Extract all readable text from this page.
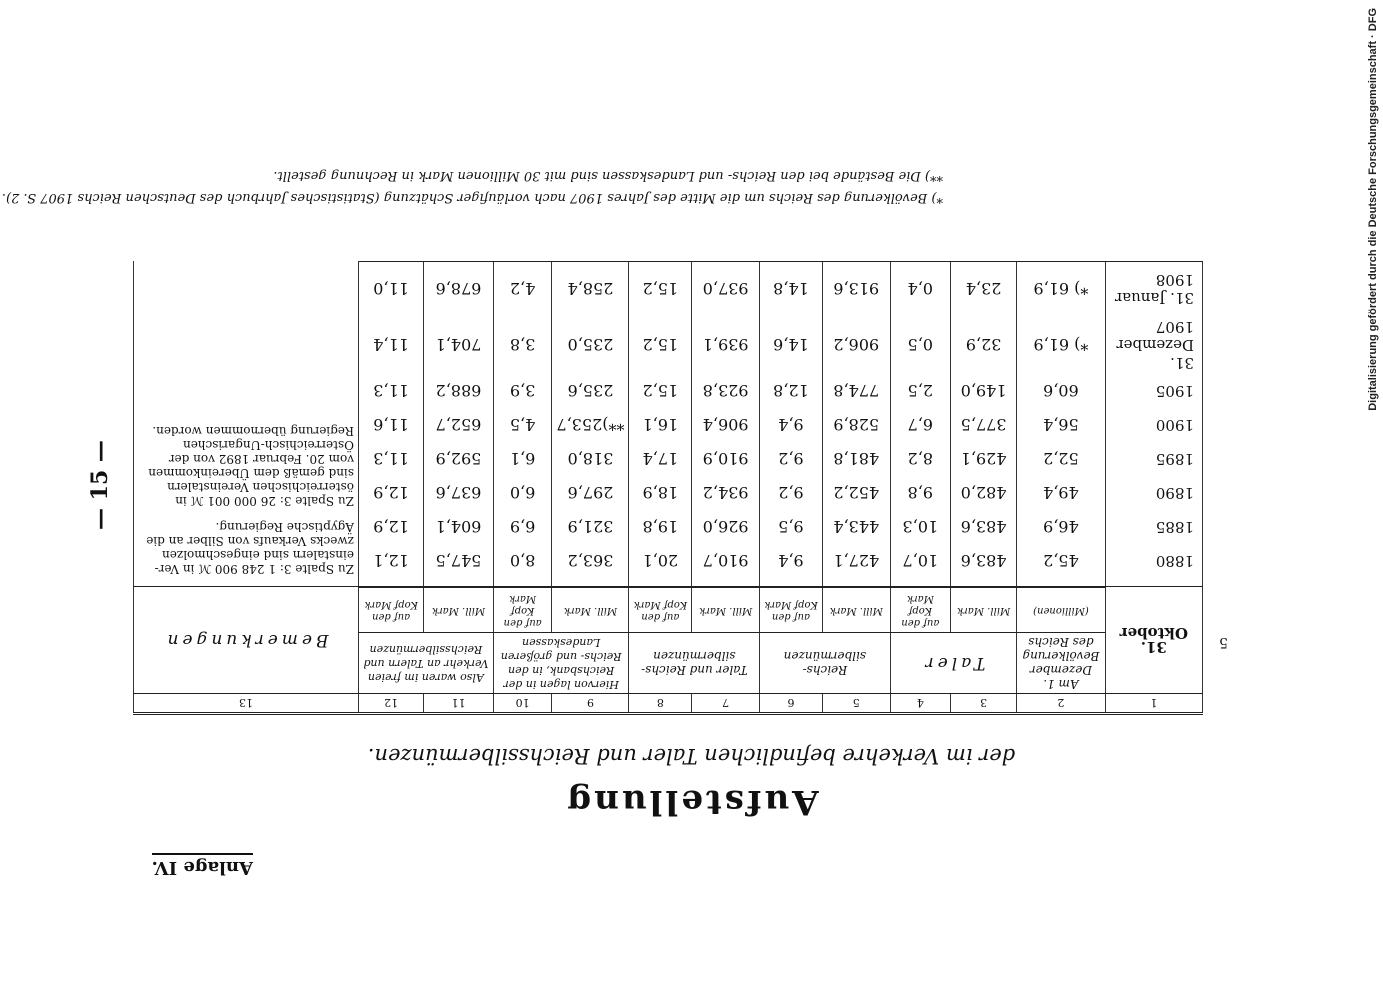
Digitalisierung gefördert durch die Deutsche Forschungsgemeinschaft · DFG
Anlage IV.
Aufstellung
der im Verkehre befindlichen Taler und Reichssilbermünzen.
— 15 —
5
1	2	3	4	5	6	7	8	9	10	11	12	13
31. Oktober	Am 1. Dezember Bevölkerung des Reichs	Taler		Reichs-silbermünzen		Taler und Reichs-silbermünzen		Hiervon lagen in der Reichsbank, in den Reichs- und größeren Landeskassen		Also waren im freien Verkehr an Talern und Reichssilbermünzen		Bemerkungen
	(Millionen)	Mill. Mark	auf den Kopf Mark	Mill. Mark	auf den Kopf Mark	Mill. Mark	auf den Kopf Mark	Mill. Mark	auf den Kopf Mark	Mill. Mark	auf den Kopf Mark	
1880	45,2	483,6	10,7	427,1	9,4	910,7	20,1	363,2	8,0	547,5	12,1	Zu Spalte 3: 1 248 900 ℳ in Ver- einstalern sind eingeschmolzen zwecks Verkaufs von Silber an die Ägyptische Regierung.
1885	46,9	483,6	10,3	443,4	9,5	926,0	19,8	321,9	6,9	604,1	12,9	
1890	49,4	482,0	9,8	452,2	9,2	934,2	18,9	297,6	6,0	637,6	12,9	Zu Spalte 3: 26 000 001 ℳ in österreichischen Vereinstalern sind gemäß dem Übereinkommen vom 20. Februar 1892 von der Österreichisch-Ungarischen Regierung übernommen worden.
1895	52,2	429,1	8,2	481,8	9,2	910,9	17,4	318,0	6,1	592,9	11,3	
1900	56,4	377,5	6,7	528,9	9,4	906,4	16,1	**)253,7	4,5	652,7	11,6	
1905	60,6	149,0	2,5	774,8	12,8	923,8	15,2	235,6	3,9	688,2	11,3	
31. Dezember 1907	*) 61,9	32,9	0,5	906,2	14,6	939,1	15,2	235,0	3,8	704,1	11,4	
31. Januar 1908	*) 61,9	23,4	0,4	913,6	14,8	937,0	15,2	258,4	4,2	678,6	11,0	
*) Bevölkerung des Reichs um die Mitte des Jahres 1907 nach vorläufiger Schätzung (Statistisches Jahrbuch des Deutschen Reichs 1907 S. 2).
**) Die Bestände bei den Reichs- und Landeskassen sind mit 30 Millionen Mark in Rechnung gestellt.
